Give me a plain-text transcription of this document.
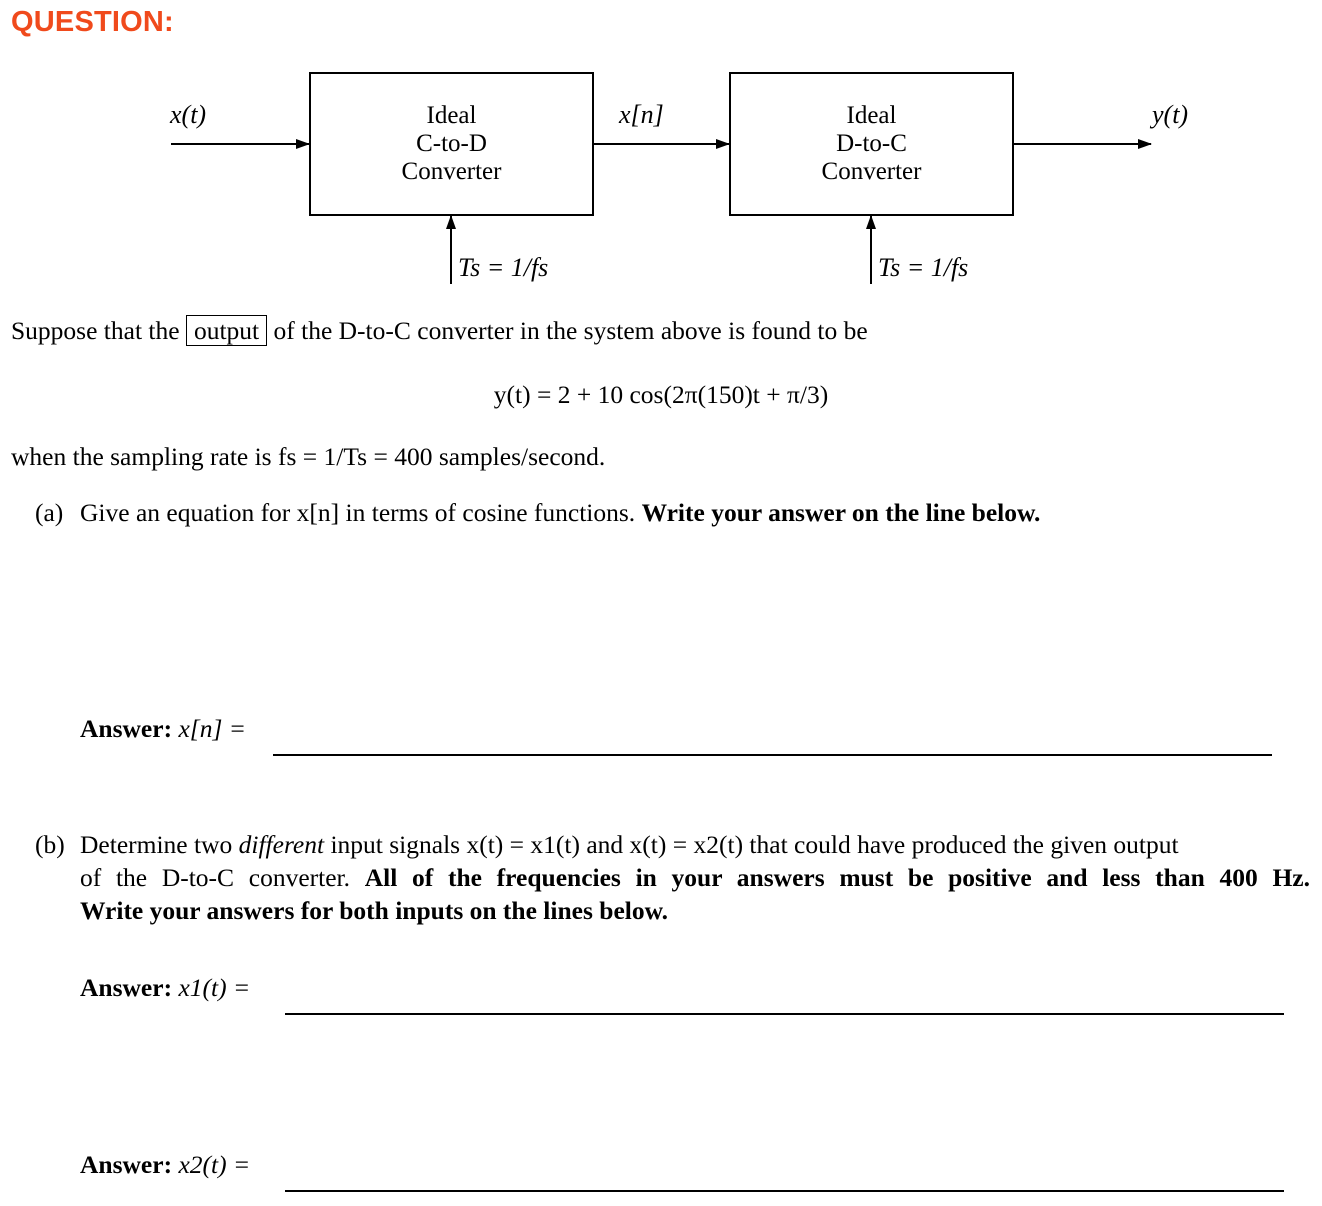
QUESTION:
x(t)	x[n]	y(t)
Ideal
C-to-D
Converter
Ideal
D-to-C
Converter
Ts = 1/fs	Ts = 1/fs
Suppose that the output of the D-to-C converter in the system above is found to be
y(t) = 2 + 10 cos(2π(150)t + π/3)
when the sampling rate is fs = 1/Ts = 400 samples/second.
(a) Give an equation for x[n] in terms of cosine functions. Write your answer on the line below.
Answer: x[n] =
(b) Determine two different input signals x(t) = x1(t) and x(t) = x2(t) that could have produced the given output
of the D-to-C converter. All of the frequencies in your answers must be positive and less than 400 Hz.
Write your answers for both inputs on the lines below.
Answer: x1(t) =
Answer: x2(t) =
